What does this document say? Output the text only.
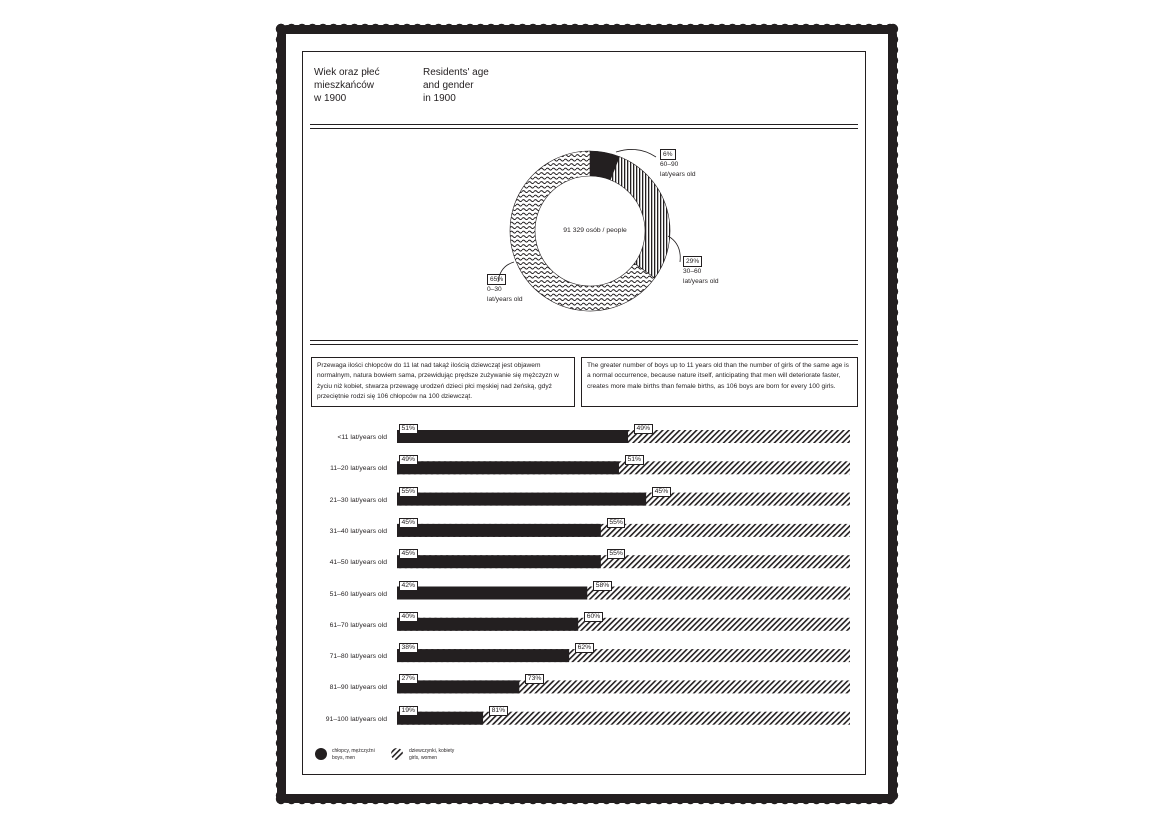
Wiek oraz płeć
mieszkańców
w 1900
Residents' age
and gender
in 1900
91 329 osób / people
6%
60–90
lat/years old
29%
30–60
lat/years old
65%
0–30
lat/years old
Przewaga ilości chłopców do 11 lat nad takąż ilością dziewcząt jest objawem normalnym, natura bowiem sama, przewidując prędsze zużywanie się mężczyzn w życiu niż kobiet, stwarza przewagę urodzeń dzieci płci męskiej nad żeńską, gdyż przeciętnie rodzi się 106 chłopców na 100 dziewcząt.
The greater number of boys up to 11 years old than the number of girls of the same age is a normal occurrence, because nature itself, anticipating that men will deteriorate faster, creates more male births than female births, as 106 boys are born for every 100 girls.
<11 lat/years old
51%	49%
11–20 lat/years old
49%	51%
21–30 lat/years old
55%	45%
31–40 lat/years old
45%	55%
41–50 lat/years old
45%	55%
51–60 lat/years old
42%	58%
61–70 lat/years old
40%	60%
71–80 lat/years old
38%	62%
81–90 lat/years old
27%	73%
91–100 lat/years old
19%	81%
chłopcy, mężczyźni
boys, men
dziewczynki, kobiety
girls, women
